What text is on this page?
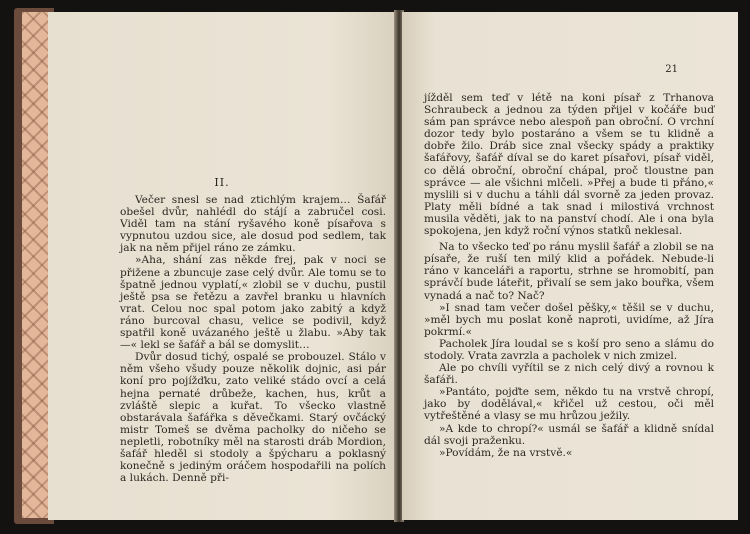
II.

Večer snesl se nad ztichlým krajem… Šafář obešel dvůr, nahlédl do stájí a zabručel cosi. Viděl tam na stání ryšavého koně písařova s vypnutou uzdou sice, ale dosud pod sedlem, tak jak na něm přijel ráno ze zámku.

»Aha, shání zas někde frej, pak v noci se přižene a zbuncuje zase celý dvůr. Ale tomu se to špatně jednou vyplatí,« zlobil se v duchu, pustil ještě psa se řetězu a zavřel branku u hlavních vrat. Celou noc spal potom jako zabitý a když ráno burcoval chasu, velice se podivil, když spatřil koně uvázaného ještě u žlabu. »Aby tak —« lekl se šafář a bál se domyslit…

Dvůr dosud tichý, ospalé se probouzel. Stálo v něm všeho všudy pouze několik dojnic, asi pár koní pro pojížďku, zato veliké stádo ovcí a celá hejna pernaté drůbeže, kachen, hus, krůt a zvláště slepic a kuřat. To všecko vlastně obstarávala šafářka s děvečkami. Starý ovčácký mistr Tomeš se dvěma pacholky do ničeho se nepletli, robotníky měl na starosti dráb Mordion, šafář hleděl si stodoly a špýcharu a poklasný konečně s jediným oráčem hospodařili na polích a lukách. Denně při-

21

jížděl sem teď v létě na koni písař z Trhanova Schraubeck a jednou za týden přijel v kočáře buď sám pan správce nebo alespoň pan obroční. O vrchní dozor tedy bylo postaráno a všem se tu klidně a dobře žilo. Dráb sice znal všecky spády a praktiky šafářovy, šafář díval se do karet písařovi, písař viděl, co dělá obroční, obroční chápal, proč tloustne pan správce — ale všichni mlčeli. »Přej a bude ti přáno,« myslili si v duchu a táhli dál svorně za jeden provaz. Platy měli bídné a tak snad i milostivá vrchnost musila věděti, jak to na panství chodí. Ale i ona byla spokojena, jen když roční výnos statků neklesal.

Na to všecko teď po ránu myslil šafář a zlobil se na písaře, že ruší ten milý klid a pořádek. Nebude-li ráno v kanceláři a raportu, strhne se hromobití, pan správčí bude láteřit, přivalí se sem jako bouřka, všem vynadá a nač to? Nač?

»I snad tam večer došel pěšky,« těšil se v duchu, »měl bych mu poslat koně naproti, uvidíme, až Jíra pokrmí.«

Pacholek Jíra loudal se s koší pro seno a slámu do stodoly. Vrata zavrzla a pacholek v nich zmizel.

Ale po chvíli vyřítil se z nich celý divý a rovnou k šafáři.

»Pantáto, pojďte sem, někdo tu na vrstvě chropí, jako by dodělával,« křičel už cestou, oči měl vytřeštěné a vlasy se mu hrůzou ježily.

»A kde to chropí?« usmál se šafář a klidně snídal dál svoji praženku.

»Povídám, že na vrstvě.«
